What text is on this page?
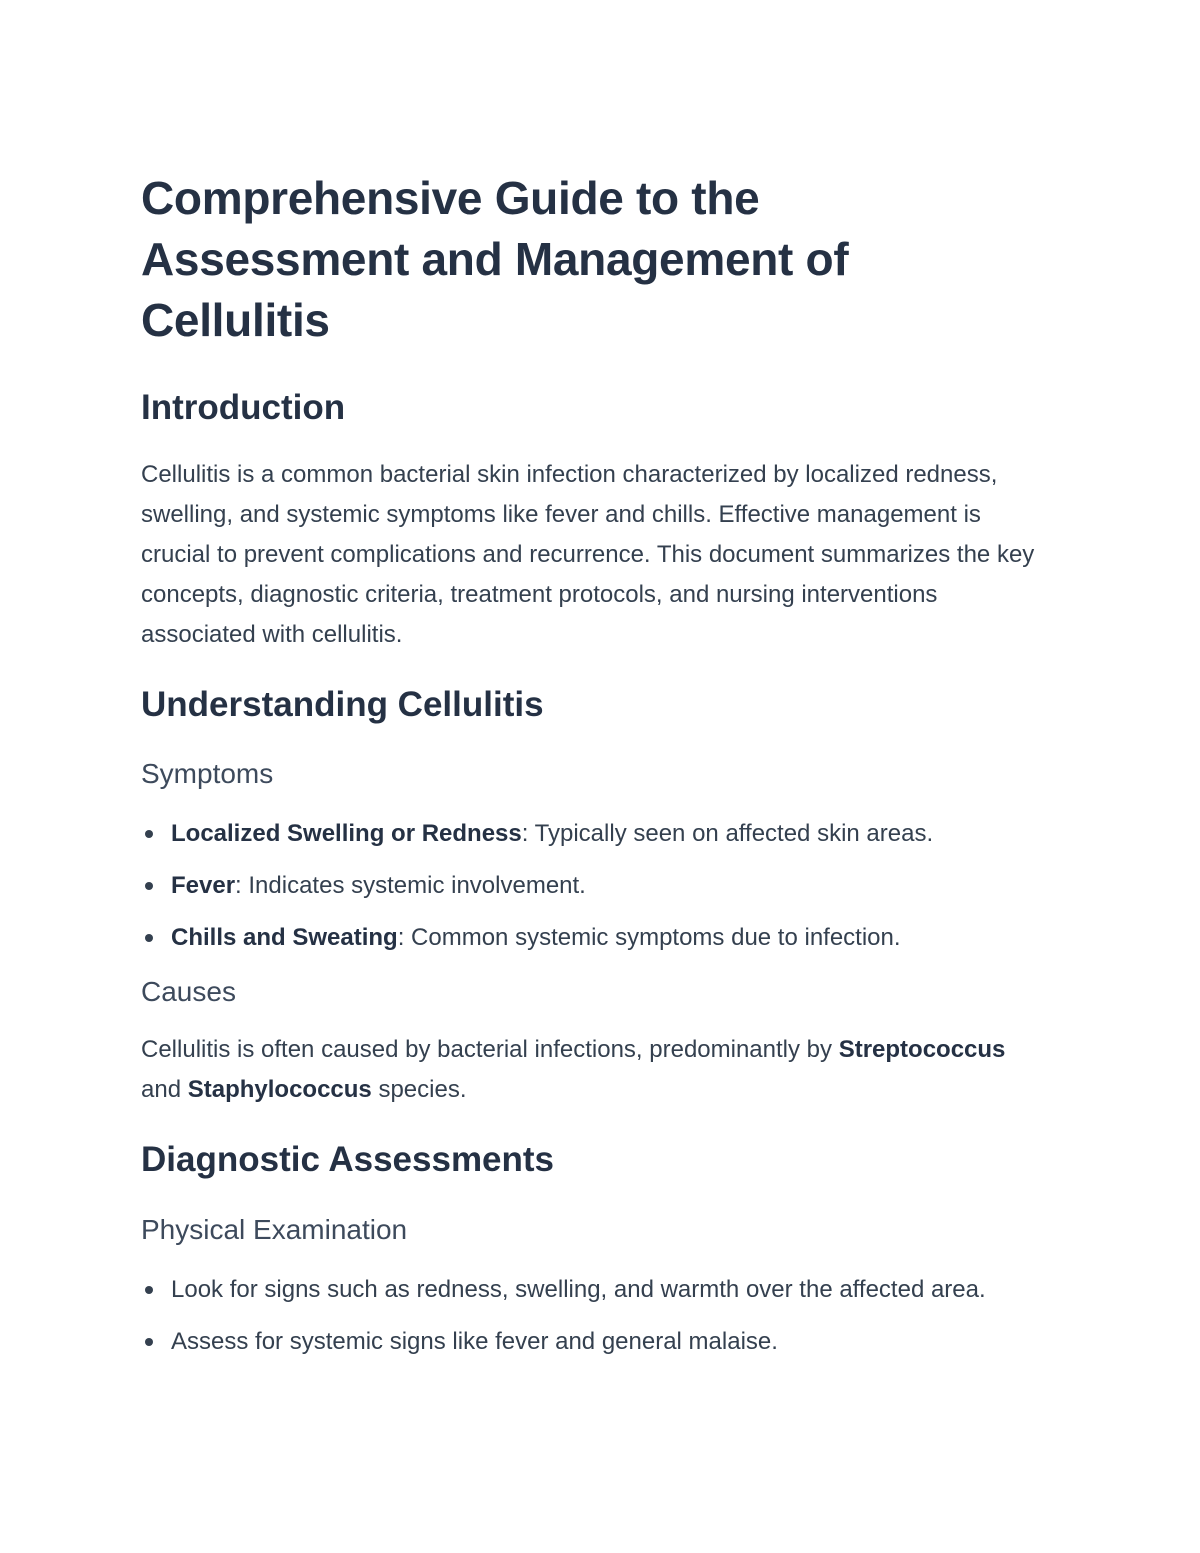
Comprehensive Guide to the Assessment and Management of Cellulitis
Introduction

Cellulitis is a common bacterial skin infection characterized by localized redness, swelling, and systemic symptoms like fever and chills. Effective management is crucial to prevent complications and recurrence. This document summarizes the key concepts, diagnostic criteria, treatment protocols, and nursing interventions associated with cellulitis.

Understanding Cellulitis
Symptoms
Localized Swelling or Redness: Typically seen on affected skin areas.
Fever: Indicates systemic involvement.
Chills and Sweating: Common systemic symptoms due to infection.
Causes

Cellulitis is often caused by bacterial infections, predominantly by Streptococcus and Staphylococcus species.

Diagnostic Assessments
Physical Examination
Look for signs such as redness, swelling, and warmth over the affected area.
Assess for systemic signs like fever and general malaise.
